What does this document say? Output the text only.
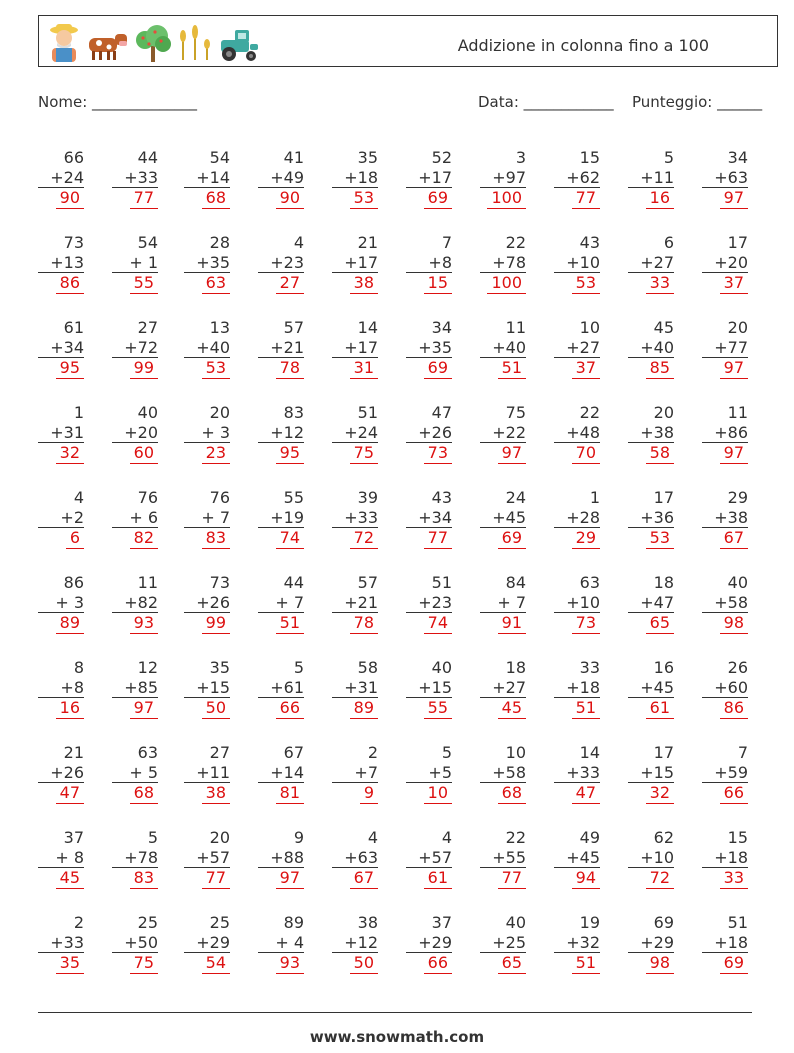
Addizione in colonna fino a 100
Nome: ______________	Data: ____________ Punteggio: ______
66
+24
90
44
+33
77
54
+14
68
41
+49
90
35
+18
53
52
+17
69
3
+97
100
15
+62
77
5
+11
16
34
+63
97
73
+13
86
54
+ 1
55
28
+35
63
4
+23
27
21
+17
38
7
+8
15
22
+78
100
43
+10
53
6
+27
33
17
+20
37
61
+34
95
27
+72
99
13
+40
53
57
+21
78
14
+17
31
34
+35
69
11
+40
51
10
+27
37
45
+40
85
20
+77
97
1
+31
32
40
+20
60
20
+ 3
23
83
+12
95
51
+24
75
47
+26
73
75
+22
97
22
+48
70
20
+38
58
11
+86
97
4
+2
6
76
+ 6
82
76
+ 7
83
55
+19
74
39
+33
72
43
+34
77
24
+45
69
1
+28
29
17
+36
53
29
+38
67
86
+ 3
89
11
+82
93
73
+26
99
44
+ 7
51
57
+21
78
51
+23
74
84
+ 7
91
63
+10
73
18
+47
65
40
+58
98
8
+8
16
12
+85
97
35
+15
50
5
+61
66
58
+31
89
40
+15
55
18
+27
45
33
+18
51
16
+45
61
26
+60
86
21
+26
47
63
+ 5
68
27
+11
38
67
+14
81
2
+7
9
5
+5
10
10
+58
68
14
+33
47
17
+15
32
7
+59
66
37
+ 8
45
5
+78
83
20
+57
77
9
+88
97
4
+63
67
4
+57
61
22
+55
77
49
+45
94
62
+10
72
15
+18
33
2
+33
35
25
+50
75
25
+29
54
89
+ 4
93
38
+12
50
37
+29
66
40
+25
65
19
+32
51
69
+29
98
51
+18
69
www.snowmath.com
